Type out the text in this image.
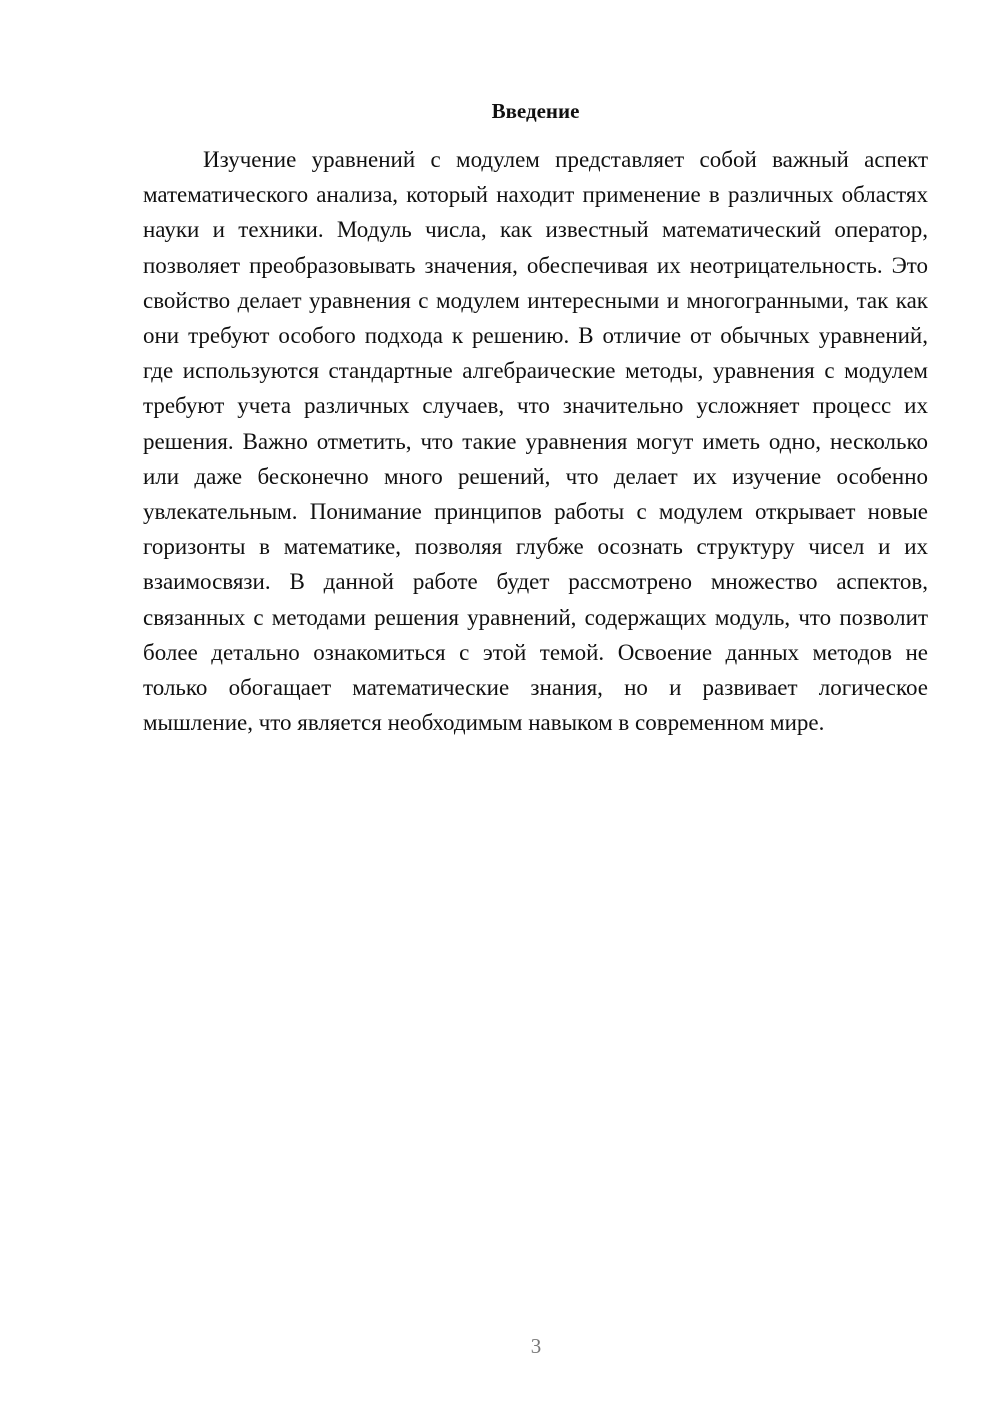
Введение

Изучение уравнений с модулем представляет собой важный аспект математического анализа, который находит применение в различных областях науки и техники. Модуль числа, как известный математический оператор, позволяет преобразовывать значения, обеспечивая их неотрицательность. Это свойство делает уравнения с модулем интересными и многогранными, так как они требуют особого подхода к решению. В отличие от обычных уравнений, где используются стандартные алгебраические методы, уравнения с модулем требуют учета различных случаев, что значительно усложняет процесс их решения. Важно отметить, что такие уравнения могут иметь одно, несколько или даже бесконечно много решений, что делает их изучение особенно увлекательным. Понимание принципов работы с модулем открывает новые горизонты в математике, позволяя глубже осознать структуру чисел и их взаимосвязи. В данной работе будет рассмотрено множество аспектов, связанных с методами решения уравнений, содержащих модуль, что позволит более детально ознакомиться с этой темой. Освоение данных методов не только обогащает математические знания, но и развивает логическое мышление, что является необходимым навыком в современном мире.

3
